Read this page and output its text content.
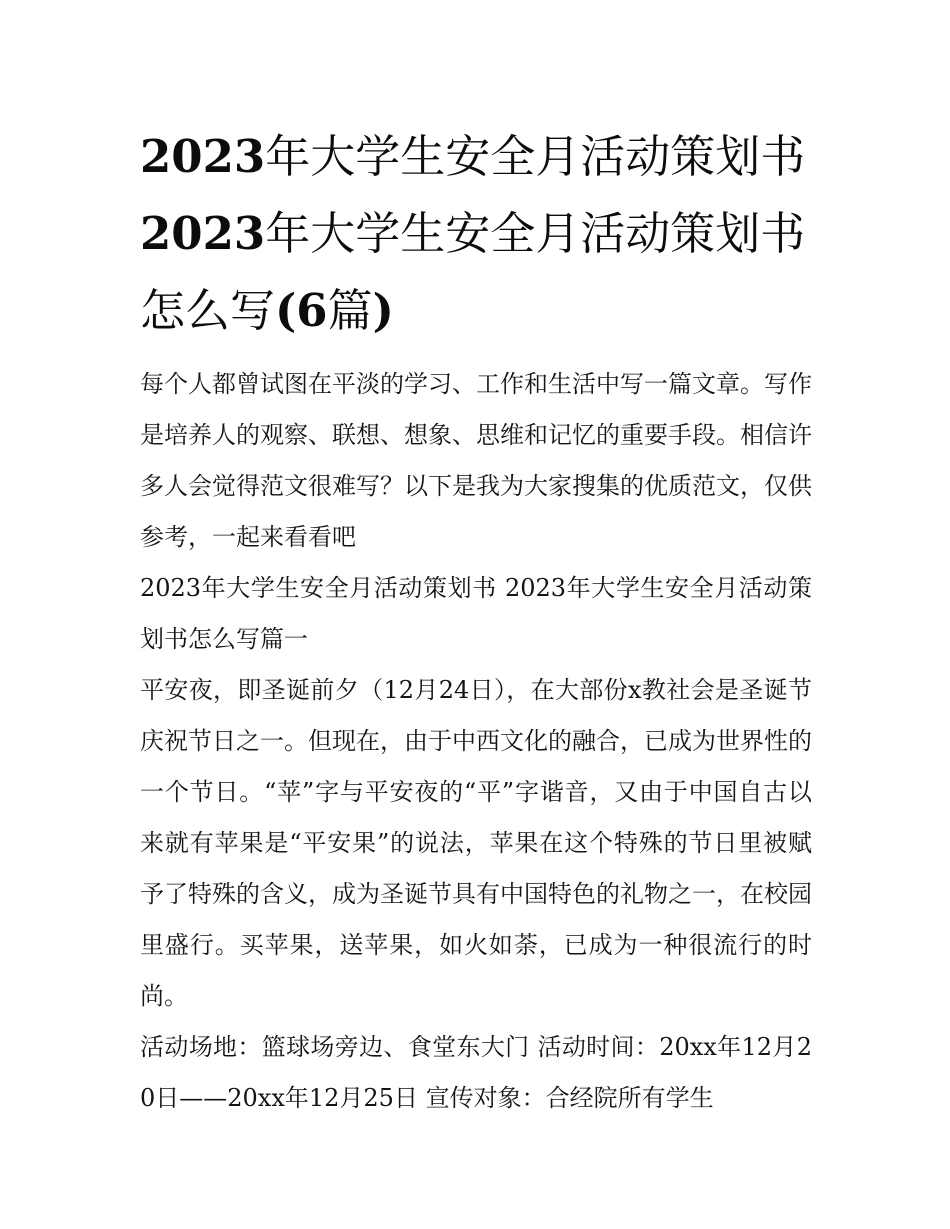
2023年大学生安全月活动策划书2023年大学生安全月活动策划书怎么写(6篇)

每个人都曾试图在平淡的学习、工作和生活中写一篇文章。写作是培养人的观察、联想、想象、思维和记忆的重要手段。相信许多人会觉得范文很难写？以下是我为大家搜集的优质范文，仅供参考，一起来看看吧

2023年大学生安全月活动策划书 2023年大学生安全月活动策划书怎么写篇一

平安夜，即圣诞前夕（12月24日），在大部份x教社会是圣诞节庆祝节日之一。但现在，由于中西文化的融合，已成为世界性的一个节日。“苹”字与平安夜的“平”字谐音，又由于中国自古以来就有苹果是“平安果”的说法，苹果在这个特殊的节日里被赋予了特殊的含义，成为圣诞节具有中国特色的礼物之一，在校园里盛行。买苹果，送苹果，如火如荼，已成为一种很流行的时尚。

活动场地：篮球场旁边、食堂东大门 活动时间：20xx年12月20日——20xx年12月25日 宣传对象：合经院所有学生
